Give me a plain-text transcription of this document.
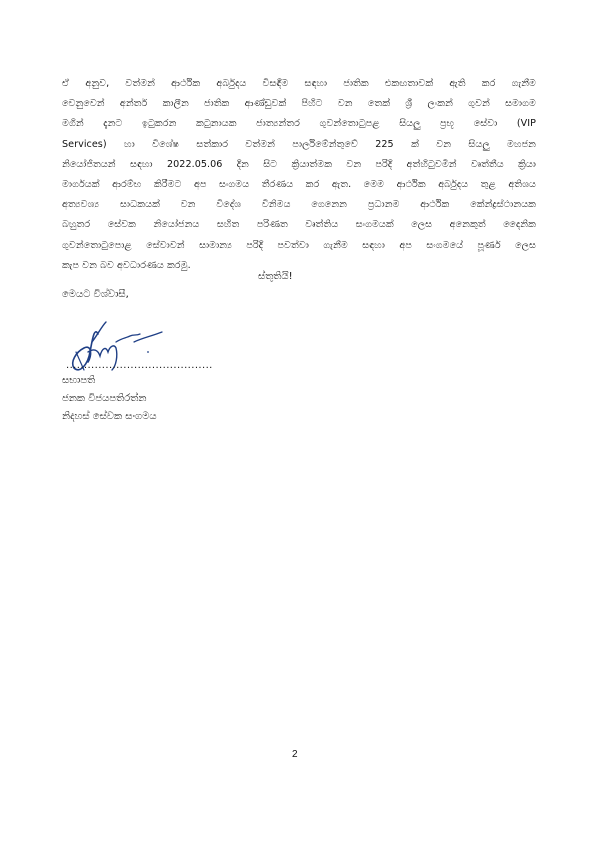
ඒ අනුව, වත්මන් ආර්ථික අර්බුදය විසඳීම සඳහා ජාතික එකඟතාවක් ඇති කර ගැනීම
වෙනුවෙන් අන්තර් කාලීන ජාතික ආණ්ඩුවක් පිහිට වන තෙක් ශ්‍රී ලංකන් ගුවන් සමාගම
මගින් දැනට ඉටුකරන කටුනායක ජාත්‍යන්තර ගුවන්තොටුපළ සියලු ප්‍රභූ සේවා (VIP
Services) හා විශේෂ සත්කාර වත්මන් පාර්ලිමේන්තුවේ 225 ක් වන සියලු මහජන
නියෝජිතයන් සඳහා 2022.05.06 දින සිට ක්‍රියාත්මක වන පරිදි අත්හිටුවමින් වෘත්තීය ක්‍රියා
මාර්ගයක් ආරම්භ කිරීමට අප සංගමය තීරණය කර ඇත. මෙම ආර්ථික අර්බුදය තුළ අතිශය
අත්‍යවශ්‍ය සාධකයක් වන විදේශ විනිමය ගෙනෙන ප්‍රධානම ආර්ථික කේන්ද්‍රස්ථානයක
බහුතර සේවක නියෝජනය සහිත පරිණත වෘත්තිය සංගමයක් ලෙස අනෙකුත් දෛනික
ගුවන්තොටුපොළ සේවාවන් සාමාන්‍ය පරිදි පවත්වා ගැනීම සඳහා අප සංගමයේ පූර්ණ ලෙස
කැප වන බව අවධාරණය කරමු.
ස්තුතියි!
මෙයට විශ්වාසී,
.........................................
සභාපති
ජනක විජයපතිරත්න
නිදහස් සේවක සංගමය
2
